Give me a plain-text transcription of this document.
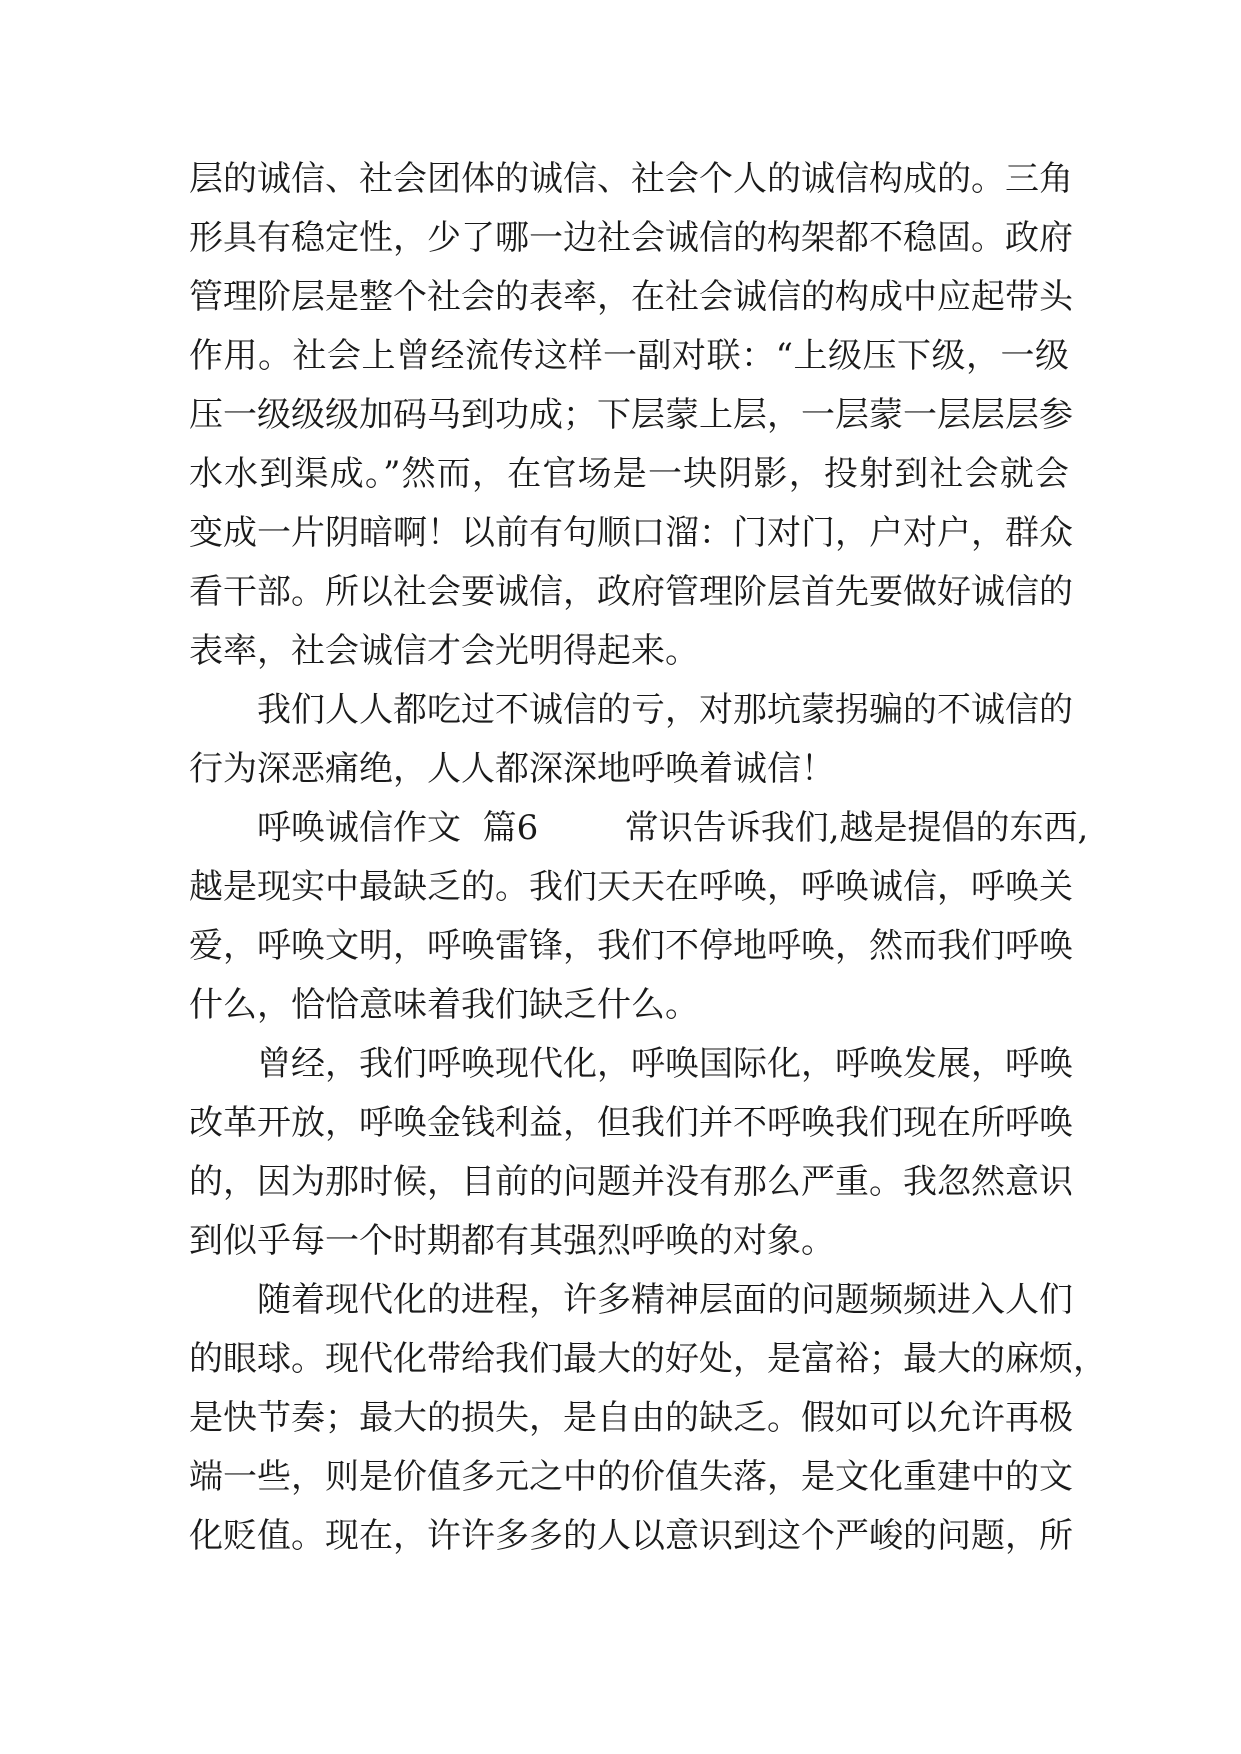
层的诚信、社会团体的诚信、社会个人的诚信构成的。三角
形具有稳定性，少了哪一边社会诚信的构架都不稳固。政府
管理阶层是整个社会的表率，在社会诚信的构成中应起带头
作用。社会上曾经流传这样一副对联：“上级压下级，一级
压一级级级加码马到功成；下层蒙上层，一层蒙一层层层参
水水到渠成。”然而，在官场是一块阴影，投射到社会就会
变成一片阴暗啊！以前有句顺口溜：门对门，户对户，群众
看干部。所以社会要诚信，政府管理阶层首先要做好诚信的
表率，社会诚信才会光明得起来。
我们人人都吃过不诚信的亏，对那坑蒙拐骗的不诚信的
行为深恶痛绝，人人都深深地呼唤着诚信！
呼唤诚信作文  篇6        常识告诉我们,越是提倡的东西,
越是现实中最缺乏的。我们天天在呼唤，呼唤诚信，呼唤关
爱，呼唤文明，呼唤雷锋，我们不停地呼唤，然而我们呼唤
什么，恰恰意味着我们缺乏什么。
曾经，我们呼唤现代化，呼唤国际化，呼唤发展，呼唤
改革开放，呼唤金钱利益，但我们并不呼唤我们现在所呼唤
的，因为那时候，目前的问题并没有那么严重。我忽然意识
到似乎每一个时期都有其强烈呼唤的对象。
随着现代化的进程，许多精神层面的问题频频进入人们
的眼球。现代化带给我们最大的好处，是富裕；最大的麻烦，
是快节奏；最大的损失，是自由的缺乏。假如可以允许再极
端一些，则是价值多元之中的价值失落，是文化重建中的文
化贬值。现在，许许多多的人以意识到这个严峻的问题，所
